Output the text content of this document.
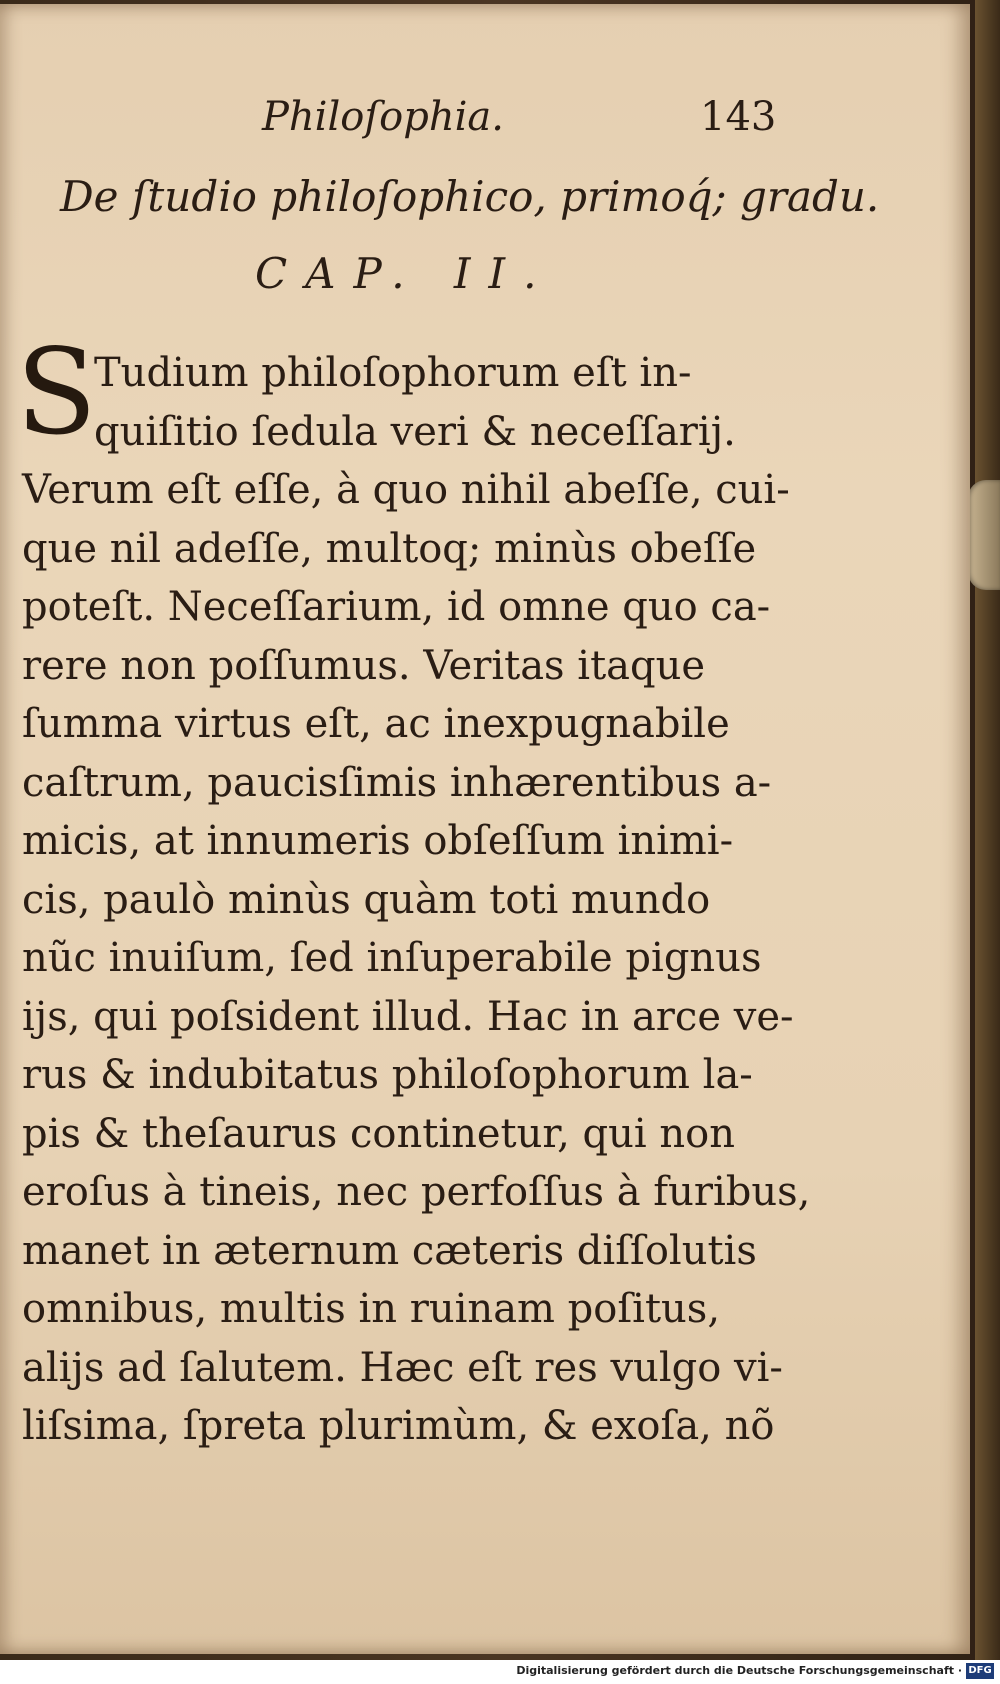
Philoſophia.	143
De ſtudio philoſophico, primoq́; gradu.
CAP. II.
S
Tudium philoſophorum eſt in-
quiſitio ſedula veri & neceſſarij.
Verum eſt eſſe, à quo nihil abeſſe, cui-
que nil adeſſe, multoq; minùs obeſſe
poteſt. Neceſſarium, id omne quo ca-
rere non poſſumus. Veritas itaque
ſumma virtus eſt, ac inexpugnabile
caſtrum, paucisſimis inhærentibus a-
micis, at innumeris obſeſſum inimi-
cis, paulò minùs quàm toti mundo
nũc inuiſum, ſed inſuperabile pignus
ijs, qui poſsident illud. Hac in arce ve-
rus & indubitatus philoſophorum la-
pis & theſaurus continetur, qui non
eroſus à tineis, nec perfoſſus à furibus,
manet in æternum cæteris diſſolutis
omnibus, multis in ruinam poſitus,
alijs ad ſalutem. Hæc eſt res vulgo vi-
liſsima, ſpreta plurimùm, & exoſa, nõ
Digitalisierung gefördert durch die Deutsche Forschungsgemeinschaft · DFG
